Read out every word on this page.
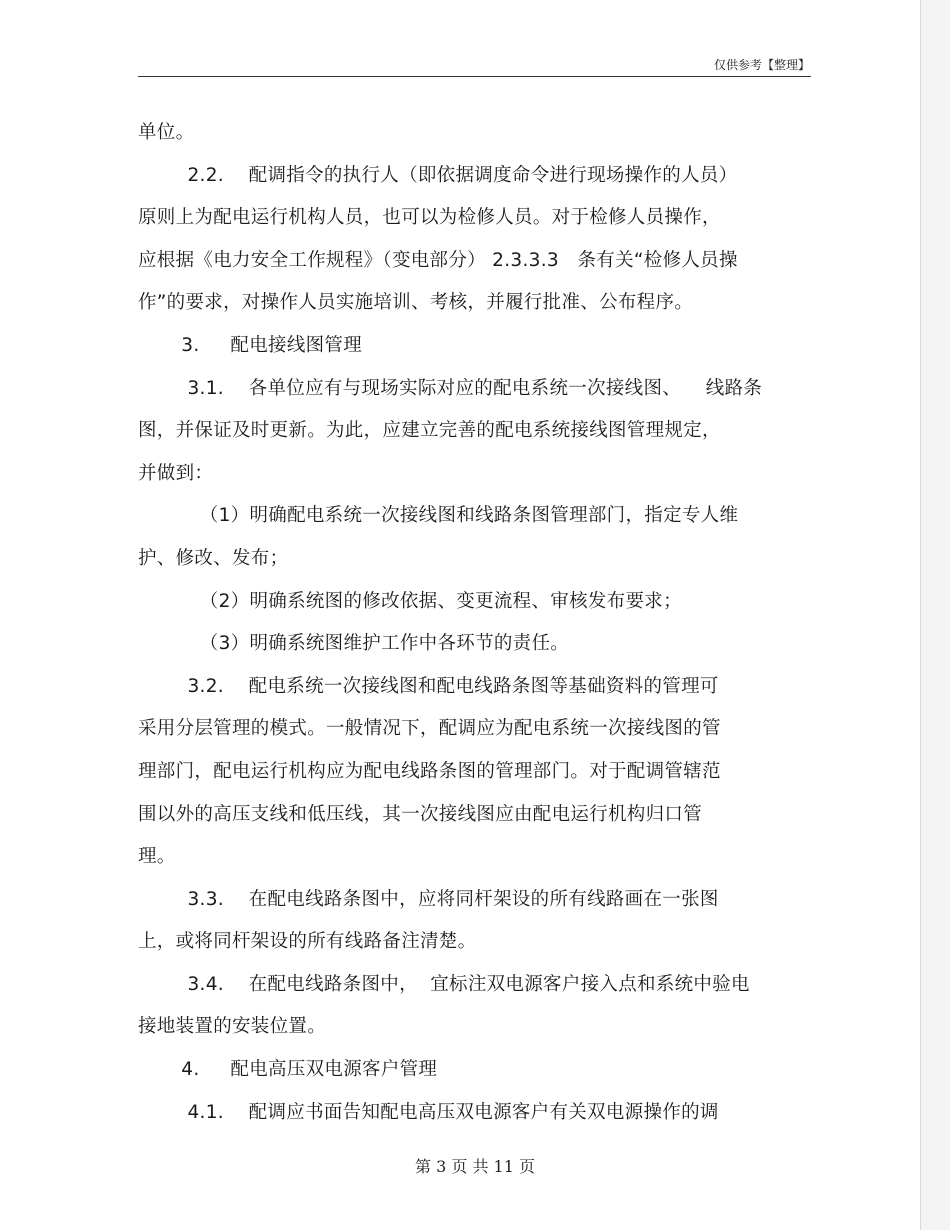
仅供参考【整理】

单位。

2.2.    配调指令的执行人（即依据调度命令进行现场操作的人员）

原则上为配电运行机构人员，也可以为检修人员。对于检修人员操作，

应根据《电力安全工作规程》（变电部分） 2.3.3.3   条有关“检修人员操

作”的要求，对操作人员实施培训、考核，并履行批准、公布程序。

3.     配电接线图管理

3.1.    各单位应有与现场实际对应的配电系统一次接线图、    线路条

图，并保证及时更新。为此，应建立完善的配电系统接线图管理规定，

并做到：

（1）明确配电系统一次接线图和线路条图管理部门，指定专人维

护、修改、发布；

（2）明确系统图的修改依据、变更流程、审核发布要求；

（3）明确系统图维护工作中各环节的责任。

3.2.    配电系统一次接线图和配电线路条图等基础资料的管理可

采用分层管理的模式。一般情况下，配调应为配电系统一次接线图的管

理部门，配电运行机构应为配电线路条图的管理部门。对于配调管辖范

围以外的高压支线和低压线，其一次接线图应由配电运行机构归口管

理。

3.3.    在配电线路条图中，应将同杆架设的所有线路画在一张图

上，或将同杆架设的所有线路备注清楚。

3.4.    在配电线路条图中，  宜标注双电源客户接入点和系统中验电

接地装置的安装位置。

4.     配电高压双电源客户管理

4.1.    配调应书面告知配电高压双电源客户有关双电源操作的调

第 3 页 共 11 页
